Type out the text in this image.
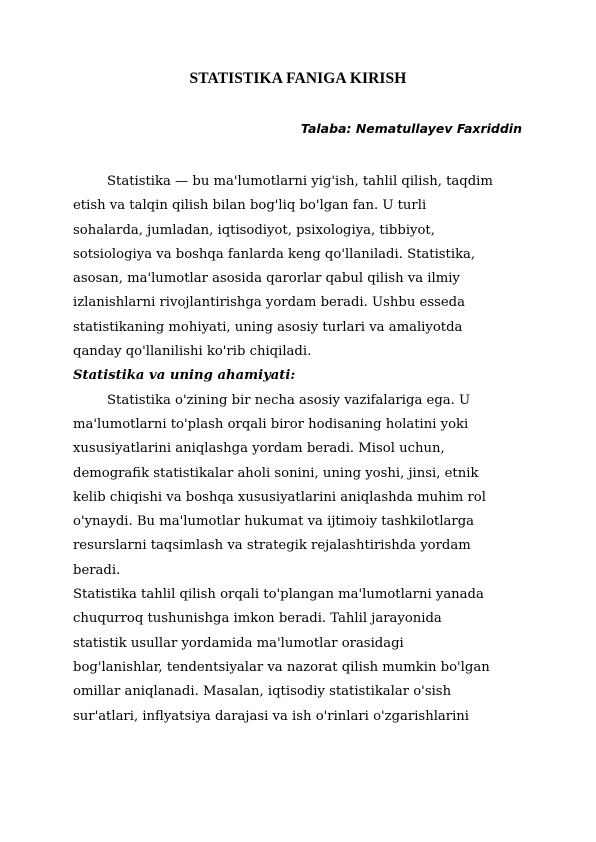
STATISTIKA FANIGA KIRISH
Talaba: Nematullayev Faxriddin

Statistika — bu ma'lumotlarni yig'ish, tahlil qilish, taqdim
etish va talqin qilish bilan bog'liq bo'lgan fan. U turli
sohalarda, jumladan, iqtisodiyot, psixologiya, tibbiyot,
sotsiologiya va boshqa fanlarda keng qo'llaniladi. Statistika,
asosan, ma'lumotlar asosida qarorlar qabul qilish va ilmiy
izlanishlarni rivojlantirishga yordam beradi. Ushbu esseda
statistikaning mohiyati, uning asosiy turlari va amaliyotda
qanday qo'llanilishi ko'rib chiqiladi.

Statistika va uning ahamiyati:

Statistika o'zining bir necha asosiy vazifalariga ega. U
ma'lumotlarni to'plash orqali biror hodisaning holatini yoki
xususiyatlarini aniqlashga yordam beradi. Misol uchun,
demografik statistikalar aholi sonini, uning yoshi, jinsi, etnik
kelib chiqishi va boshqa xususiyatlarini aniqlashda muhim rol
o'ynaydi. Bu ma'lumotlar hukumat va ijtimoiy tashkilotlarga
resurslarni taqsimlash va strategik rejalashtirishda yordam
beradi.

Statistika tahlil qilish orqali to'plangan ma'lumotlarni yanada
chuqurroq tushunishga imkon beradi. Tahlil jarayonida
statistik usullar yordamida ma'lumotlar orasidagi
bog'lanishlar, tendentsiyalar va nazorat qilish mumkin bo'lgan
omillar aniqlanadi. Masalan, iqtisodiy statistikalar o'sish
sur'atlari, inflyatsiya darajasi va ish o'rinlari o'zgarishlarini
